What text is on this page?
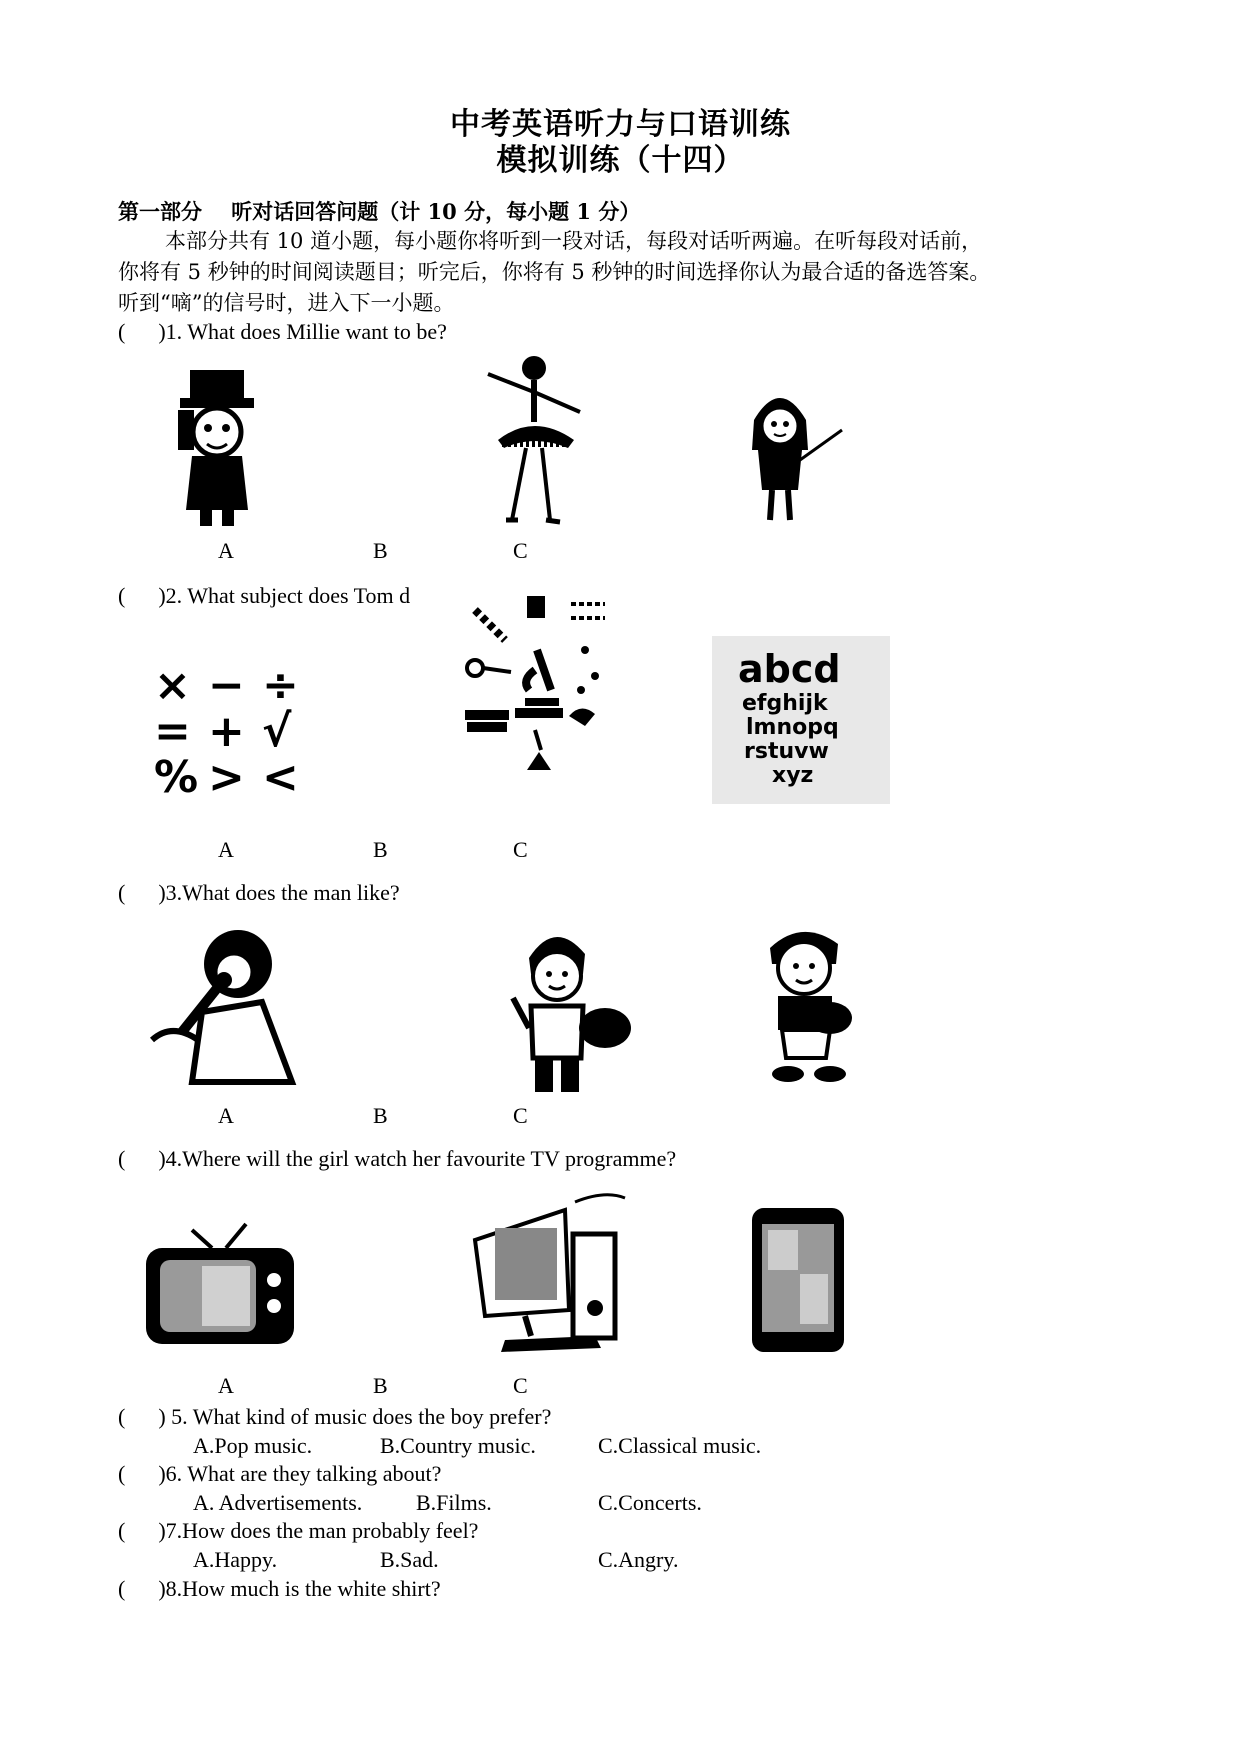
中考英语听力与口语训练
模拟训练（十四）
第一部分    听对话回答问题（计 10 分，每小题 1 分）
本部分共有 10 道小题，每小题你将听到一段对话，每段对话听两遍。在听每段对话前，
你将有 5 秒钟的时间阅读题目；听完后，你将有 5 秒钟的时间选择你认为最合适的备选答案。
听到“嘀”的信号时，进入下一小题。
(      )1. What does Millie want to be?
A	B	C
(      )2. What subject does Tom d
× − ÷
= + √
% > <
abcd
efghijk
lmnopq
rstuvw
xyz
A	B	C
(      )3.What does the man like?
A	B	C
(      )4.Where will the girl watch her favourite TV programme?
A	B	C
(      ) 5. What kind of music does the boy prefer?
A.Pop music.	B.Country music.	C.Classical music.
(      )6. What are they talking about?
A. Advertisements. B.Films.	C.Concerts.
(      )7.How does the man probably feel?
A.Happy.	B.Sad.	C.Angry.
(      )8.How much is the white shirt?
